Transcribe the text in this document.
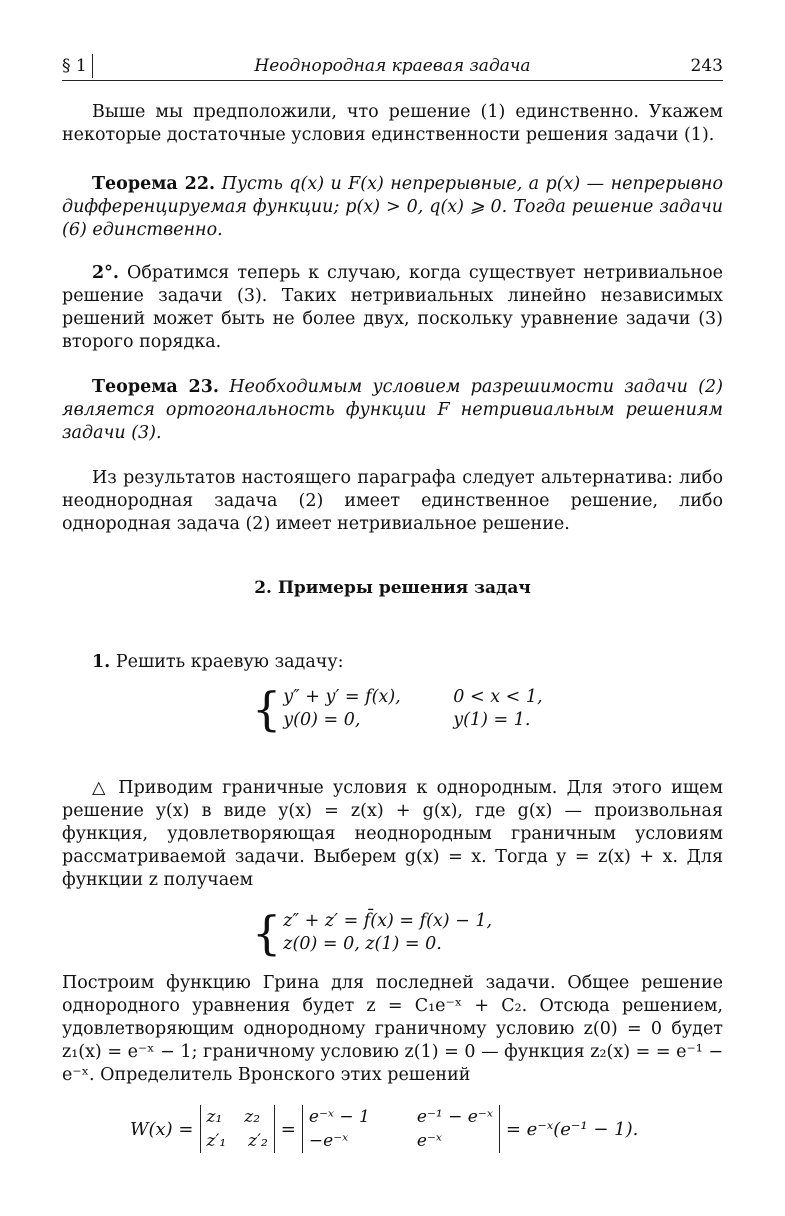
§ 1	Неоднородная краевая задача	243

Выше мы предположили, что решение (1) единственно. Укажем некоторые достаточные условия единственности решения задачи (1).

Теорема 22. Пусть q(x) и F(x) непрерывные, а p(x) — непрерывно дифференцируемая функции; p(x) > 0, q(x) ⩾ 0. Тогда решение задачи (6) единственно.

2°. Обратимся теперь к случаю, когда существует нетривиальное решение задачи (3). Таких нетривиальных линейно независимых решений может быть не более двух, поскольку уравнение задачи (3) второго порядка.

Теорема 23. Необходимым условием разрешимости задачи (2) является ортогональность функции F нетривиальным решениям задачи (3).

Из результатов настоящего параграфа следует альтернатива: либо неоднородная задача (2) имеет единственное решение, либо однородная задача (2) имеет нетривиальное решение.

2. Примеры решения задач

1. Решить краевую задачу:

{ y″ + y′ = f(x),	0 < x < 1,
y(0) = 0,	y(1) = 1.

△ Приводим граничные условия к однородным. Для этого ищем решение y(x) в виде y(x) = z(x) + g(x), где g(x) — произвольная функция, удовлетворяющая неоднородным граничным условиям рассматриваемой задачи. Выберем g(x) = x. Тогда y = z(x) + x. Для функции z получаем

{ z″ + z′ = f̄(x) = f(x) − 1,
z(0) = 0, z(1) = 0.

Построим функцию Грина для последней задачи. Общее решение однородного уравнения будет z = C₁e⁻ˣ + C₂. Отсюда решением, удовлетворяющим однородному граничному условию z(0) = 0 будет z₁(x) = e⁻ˣ − 1; граничному условию z(1) = 0 — функция z₂(x) = = e⁻¹ − e⁻ˣ. Определитель Вронского этих решений

W(x) =
z₁ z₂
z′₁ z′₂
=
e⁻ˣ − 1	e⁻¹ − e⁻ˣ
−e⁻ˣ	e⁻ˣ
= e⁻ˣ(e⁻¹ − 1).
